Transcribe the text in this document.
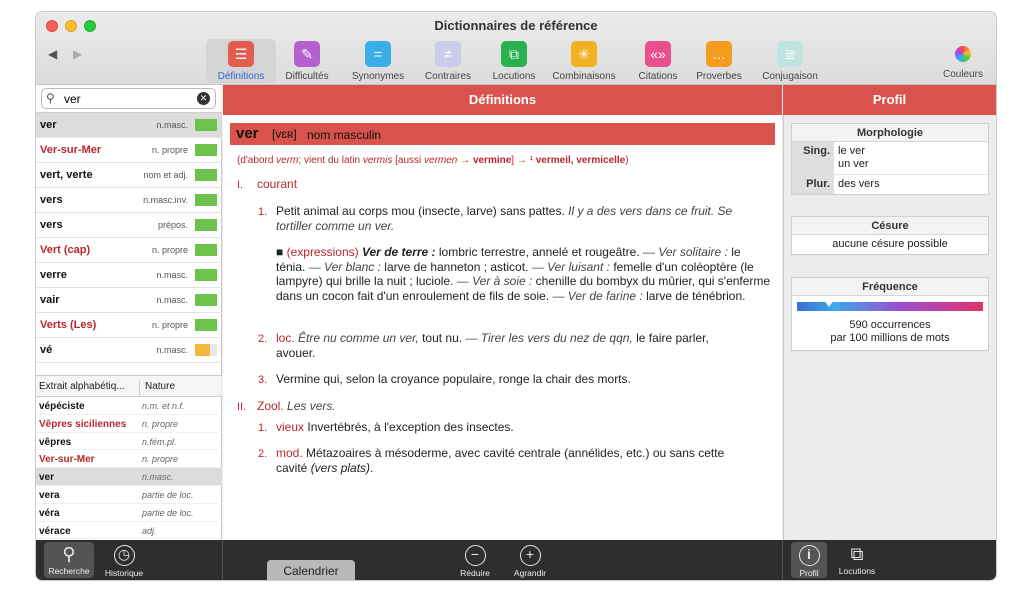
Dictionnaires de référence
◀ ▶	☰
Définitions
✎
Difficultés
=
Synonymes
≠
Contraires
⧉
Locutions
✳
Combinaisons
«»
Citations
…
Proverbes
≣
Conjugaison	Couleurs
⚲
ver	✕
ver	n.masc.
Ver-sur-Mer	n. propre
vert, verte	nom et adj.
vers	n.masc.inv.
vers	prépos.
Vert (cap)	n. propre
verre	n.masc.
vair	n.masc.
Verts (Les)	n. propre
vé	n.masc.
Extrait alphabétiq...	Nature
vépéciste	n.m. et n.f.
Vêpres siciliennes n. propre
vêpres	n.fém.pl.
Ver-sur-Mer	n. propre
ver	n.masc.
vera	partie de loc.
véra	partie de loc.
vérace	adj.
Définitions
ver [vɛʀ] nom masculin
(d'abord verm; vient du latin vermis [aussi vermen → vermine] → ¹ vermeil, vermicelle)
I. courant
1. Petit animal au corps mou (insecte, larve) sans pattes. Il y a des vers dans ce fruit. Se tortiller comme un ver.
■ (expressions) Ver de terre : lombric terrestre, annelé et rougeâtre. — Ver solitaire : le ténia. — Ver blanc : larve de hanneton ; asticot. — Ver luisant : femelle d'un coléoptère (le lampyre) qui brille la nuit ; luciole. — Ver à soie : chenille du bombyx du mûrier, qui s'enferme dans un cocon fait d'un enroulement de fils de soie. — Ver de farine : larve de ténébrion.
2. loc. Être nu comme un ver, tout nu. — Tirer les vers du nez de qqn, le faire parler, avouer.
3. Vermine qui, selon la croyance populaire, ronge la chair des morts.
II. Zool. Les vers.
1. vieux Invertébrés, à l'exception des insectes.
2. mod. Métazoaires à mésoderme, avec cavité centrale (annélides, etc.) ou sans cette cavité (vers plats).
Profil
Morphologie
Sing. le ver
un ver
Plur. des vers
Césure
aucune césure possible
Fréquence
590 occurrences
par 100 millions de mots
⚲
Recherche
◷
Historique	Calendrier
−
Réduire
+
Agrandir
i
Profil
⧉
Locutions
